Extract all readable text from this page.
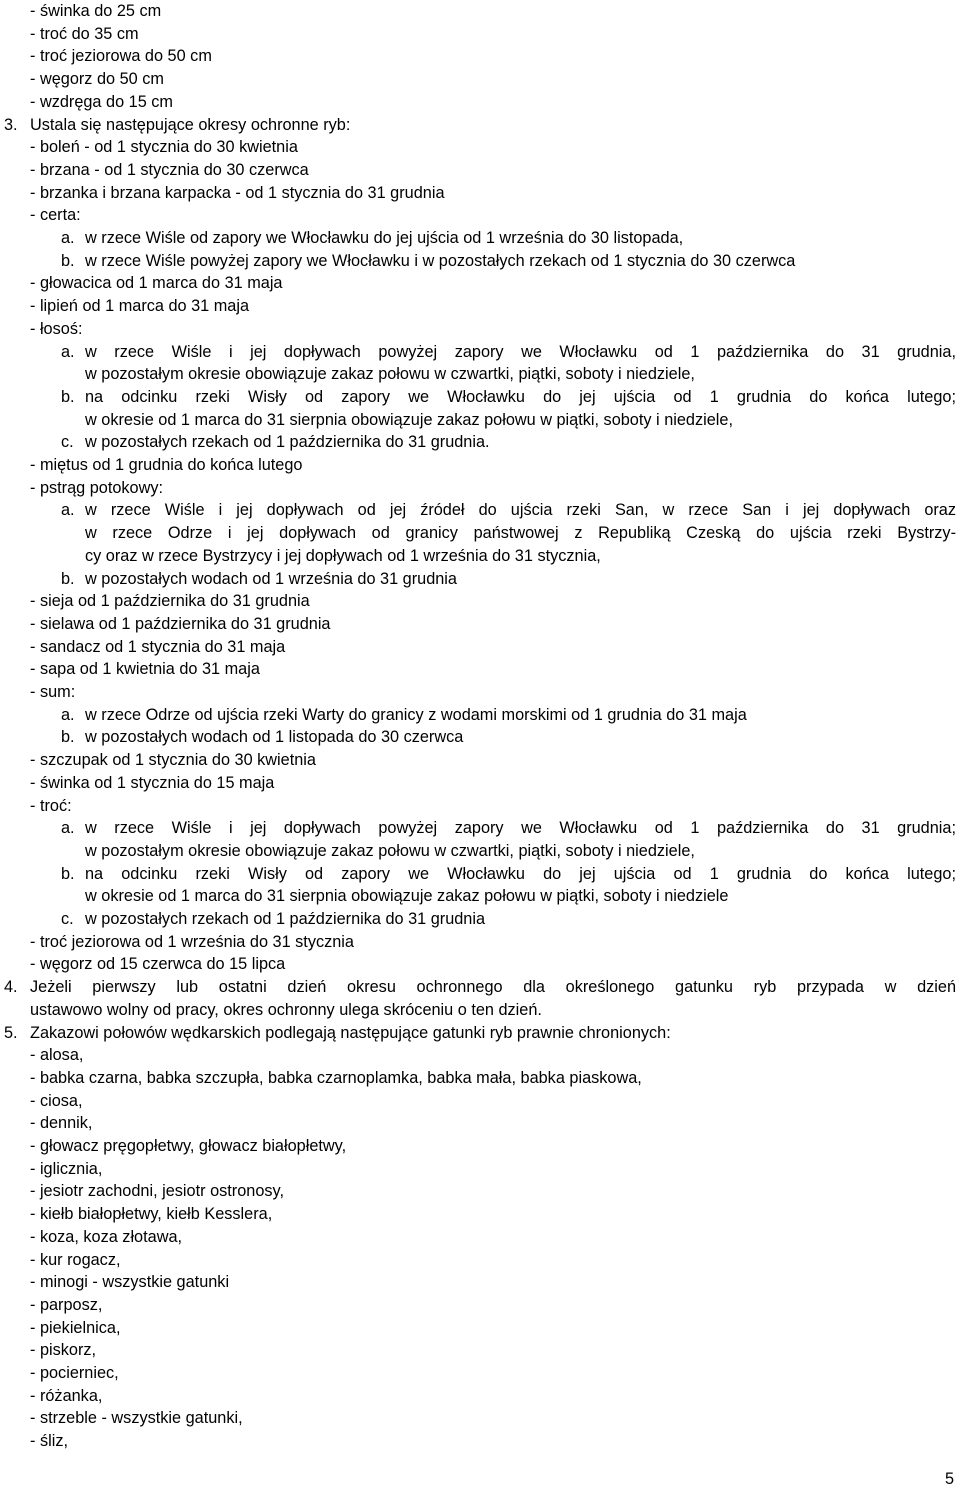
- świnka do 25 cm
- troć do 35 cm
- troć jeziorowa do 50 cm
- węgorz do 50 cm
- wzdręga do 15 cm
3. Ustala się następujące okresy ochronne ryb:
- boleń - od 1 stycznia do 30 kwietnia
- brzana - od 1 stycznia do 30 czerwca
- brzanka i brzana karpacka - od 1 stycznia do 31 grudnia
- certa:
a. w rzece Wiśle od zapory we Włocławku do jej ujścia od 1 września do 30 listopada,
b. w rzece Wiśle powyżej zapory we Włocławku i w pozostałych rzekach od 1 stycznia do 30 czerwca
- głowacica od 1 marca do 31 maja
- lipień od 1 marca do 31 maja
- łosoś:
a. w rzece Wiśle i jej dopływach powyżej zapory we Włocławku od 1 października do 31 grudnia,
w pozostałym okresie obowiązuje zakaz połowu w czwartki, piątki, soboty i niedziele,
b. na odcinku rzeki Wisły od zapory we Włocławku do jej ujścia od 1 grudnia do końca lutego;
w okresie od 1 marca do 31 sierpnia obowiązuje zakaz połowu w piątki, soboty i niedziele,
c. w pozostałych rzekach od 1 października do 31 grudnia.
- miętus od 1 grudnia do końca lutego
- pstrąg potokowy:
a. w rzece Wiśle i jej dopływach od jej źródeł do ujścia rzeki San, w rzece San i jej dopływach oraz
w rzece Odrze i jej dopływach od granicy państwowej z Republiką Czeską do ujścia rzeki Bystrzy-
cy oraz w rzece Bystrzycy i jej dopływach od 1 września do 31 stycznia,
b. w pozostałych wodach od 1 września do 31 grudnia
- sieja od 1 października do 31 grudnia
- sielawa od 1 października do 31 grudnia
- sandacz od 1 stycznia do 31 maja
- sapa od 1 kwietnia do 31 maja
- sum:
a. w rzece Odrze od ujścia rzeki Warty do granicy z wodami morskimi od 1 grudnia do 31 maja
b. w pozostałych wodach od 1 listopada do 30 czerwca
- szczupak od 1 stycznia do 30 kwietnia
- świnka od 1 stycznia do 15 maja
- troć:
a. w rzece Wiśle i jej dopływach powyżej zapory we Włocławku od 1 października do 31 grudnia;
w pozostałym okresie obowiązuje zakaz połowu w czwartki, piątki, soboty i niedziele,
b. na odcinku rzeki Wisły od zapory we Włocławku do jej ujścia od 1 grudnia do końca lutego;
w okresie od 1 marca do 31 sierpnia obowiązuje zakaz połowu w piątki, soboty i niedziele
c. w pozostałych rzekach od 1 października do 31 grudnia
- troć jeziorowa od 1 września do 31 stycznia
- węgorz od 15 czerwca do 15 lipca
4. Jeżeli pierwszy lub ostatni dzień okresu ochronnego dla określonego gatunku ryb przypada w dzień
ustawowo wolny od pracy, okres ochronny ulega skróceniu o ten dzień.
5. Zakazowi połowów wędkarskich podlegają następujące gatunki ryb prawnie chronionych:
- alosa,
- babka czarna, babka szczupła, babka czarnoplamka, babka mała, babka piaskowa,
- ciosa,
- dennik,
- głowacz pręgopłetwy, głowacz białopłetwy,
- iglicznia,
- jesiotr zachodni, jesiotr ostronosy,
- kiełb białopłetwy, kiełb Kesslera,
- koza, koza złotawa,
- kur rogacz,
- minogi - wszystkie gatunki
- parposz,
- piekielnica,
- piskorz,
- pocierniec,
- różanka,
- strzeble - wszystkie gatunki,
- śliz,
5
